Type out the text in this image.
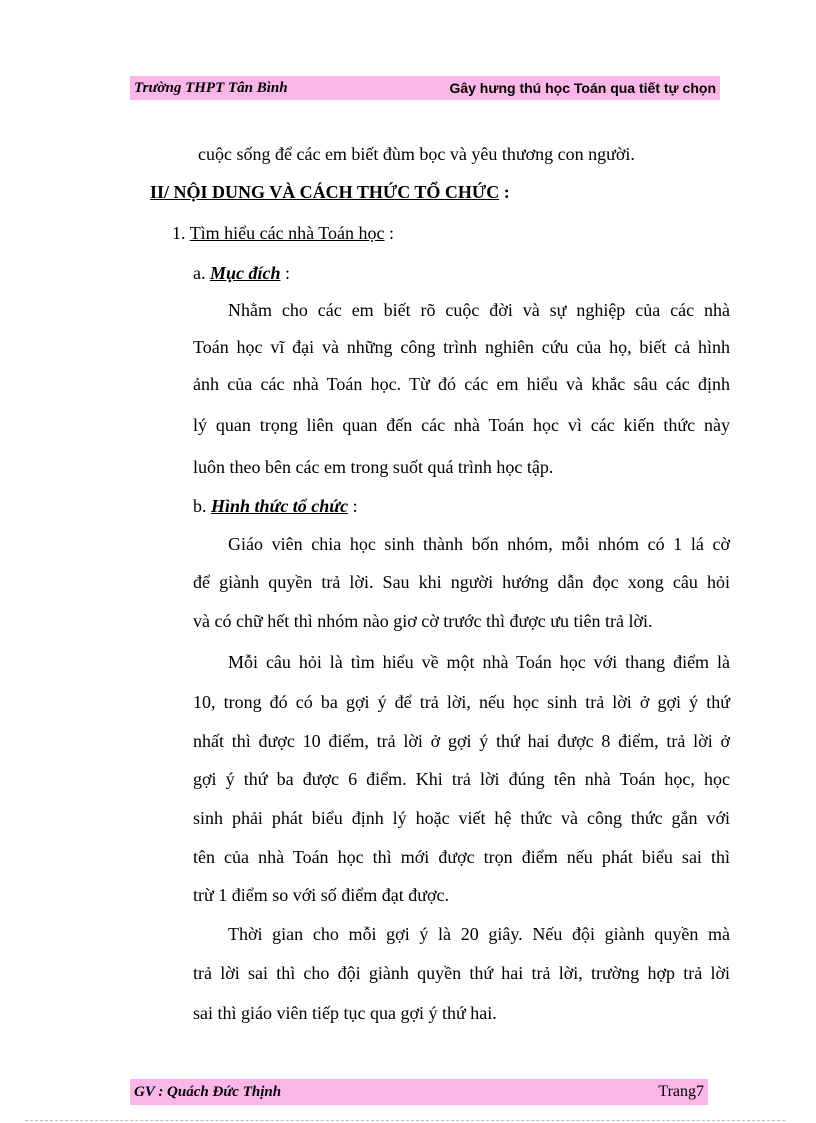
Trường THPT Tân Bình	Gây hưng thú học Toán qua tiết tự chọn
cuộc sống để các em biết đùm bọc và yêu thương con người.
II/ NỘI DUNG VÀ CÁCH THỨC TỔ CHỨC :
1. Tìm hiểu các nhà Toán học :
a. Mục đích :
Nhằm cho các em biết rõ cuộc đời và sự nghiệp của các nhà
Toán học vĩ đại và những công trình nghiên cứu của họ, biết cả hình
ảnh của các nhà Toán học. Từ đó các em hiểu và khắc sâu các định
lý quan trọng liên quan đến các nhà Toán học vì các kiến thức này
luôn theo bên các em trong suốt quá trình học tập.
b. Hình thức tổ chức :
Giáo viên chia học sinh thành bốn nhóm, mỗi nhóm có 1 lá cờ
để giành quyền trả lời. Sau khi người hướng dẫn đọc xong câu hỏi
và có chữ hết thì nhóm nào giơ cờ trước thì được ưu tiên trả lời.
Mỗi câu hỏi là tìm hiểu về một nhà Toán học với thang điểm là
10, trong đó có ba gợi ý để trả lời, nếu học sinh trả lời ở gợi ý thứ
nhất thì được 10 điểm, trả lời ở gợi ý thứ hai được 8 điểm, trả lời ở
gợi ý thứ ba được 6 điểm. Khi trả lời đúng tên nhà Toán học, học
sinh phải phát biểu định lý hoặc viết hệ thức và công thức gắn với
tên của nhà Toán học thì mới được trọn điểm nếu phát biểu sai thì
trừ 1 điểm so với số điểm đạt được.
Thời gian cho mỗi gợi ý là 20 giây. Nếu đội giành quyền mà
trả lời sai thì cho đội giành quyền thứ hai trả lời, trường hợp trả lời
sai thì giáo viên tiếp tục qua gợi ý thứ hai.
GV : Quách Đức Thịnh	Trang7
